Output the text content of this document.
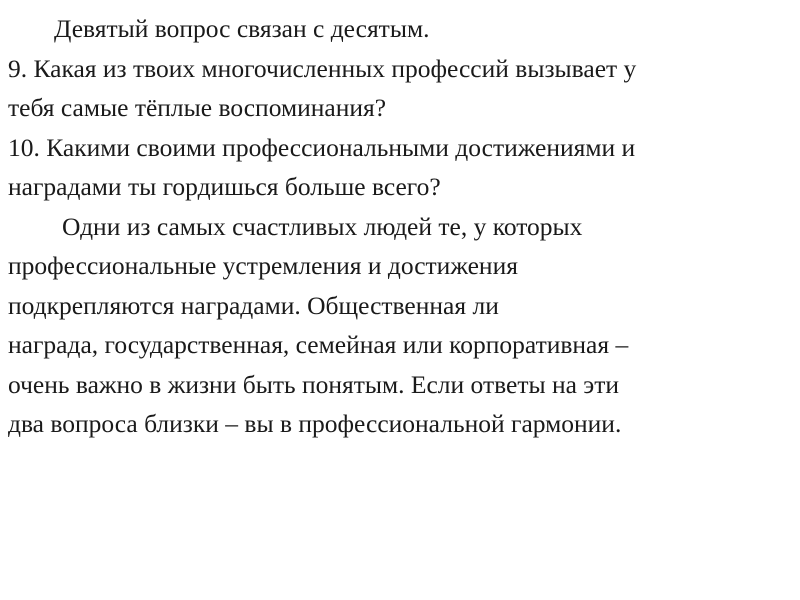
Девятый вопрос связан с десятым.
9. Какая из твоих многочисленных профессий вызывает у
тебя самые тёплые воспоминания?
10. Какими своими профессиональными достижениями и
наградами ты гордишься больше всего?
Одни из самых счастливых людей те, у которых
профессиональные устремления и достижения
подкрепляются наградами. Общественная ли
награда, государственная, семейная или корпоративная –
очень важно в жизни быть понятым. Если ответы на эти
два вопроса близки – вы в профессиональной гармонии.
